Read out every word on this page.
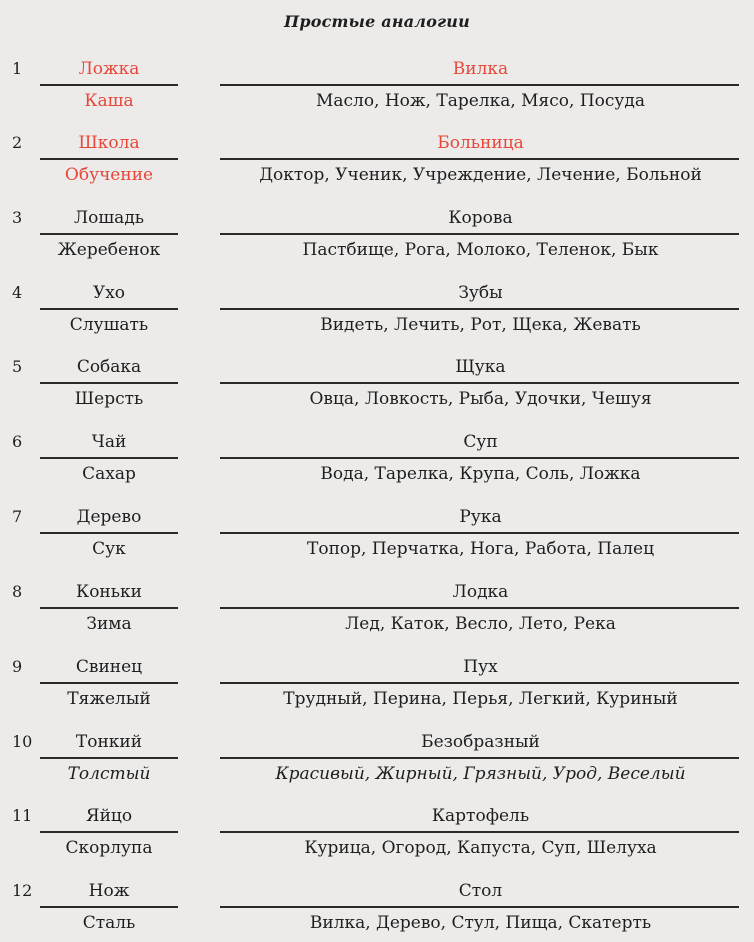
Простые аналогии
1	Ложка	Вилка
Каша	Масло, Нож, Тарелка, Мясо, Посуда
2	Школа	Больница
Обучение	Доктор, Ученик, Учреждение, Лечение, Больной
3	Лошадь	Корова
Жеребенок	Пастбище, Рога, Молоко, Теленок, Бык
4	Ухо	Зубы
Слушать	Видеть, Лечить, Рот, Щека, Жевать
5	Собака	Щука
Шерсть	Овца, Ловкость, Рыба, Удочки, Чешуя
6	Чай	Суп
Сахар	Вода, Тарелка, Крупа, Соль, Ложка
7	Дерево	Рука
Сук	Топор, Перчатка, Нога, Работа, Палец
8	Коньки	Лодка
Зима	Лед, Каток, Весло, Лето, Река
9	Свинец	Пух
Тяжелый	Трудный, Перина, Перья, Легкий, Куриный
10	Тонкий	Безобразный
Толстый	Красивый, Жирный, Грязный, Урод, Веселый
11	Яйцо	Картофель
Скорлупа	Курица, Огород, Капуста, Суп, Шелуха
12	Нож	Стол
Сталь	Вилка, Дерево, Стул, Пища, Скатерть
